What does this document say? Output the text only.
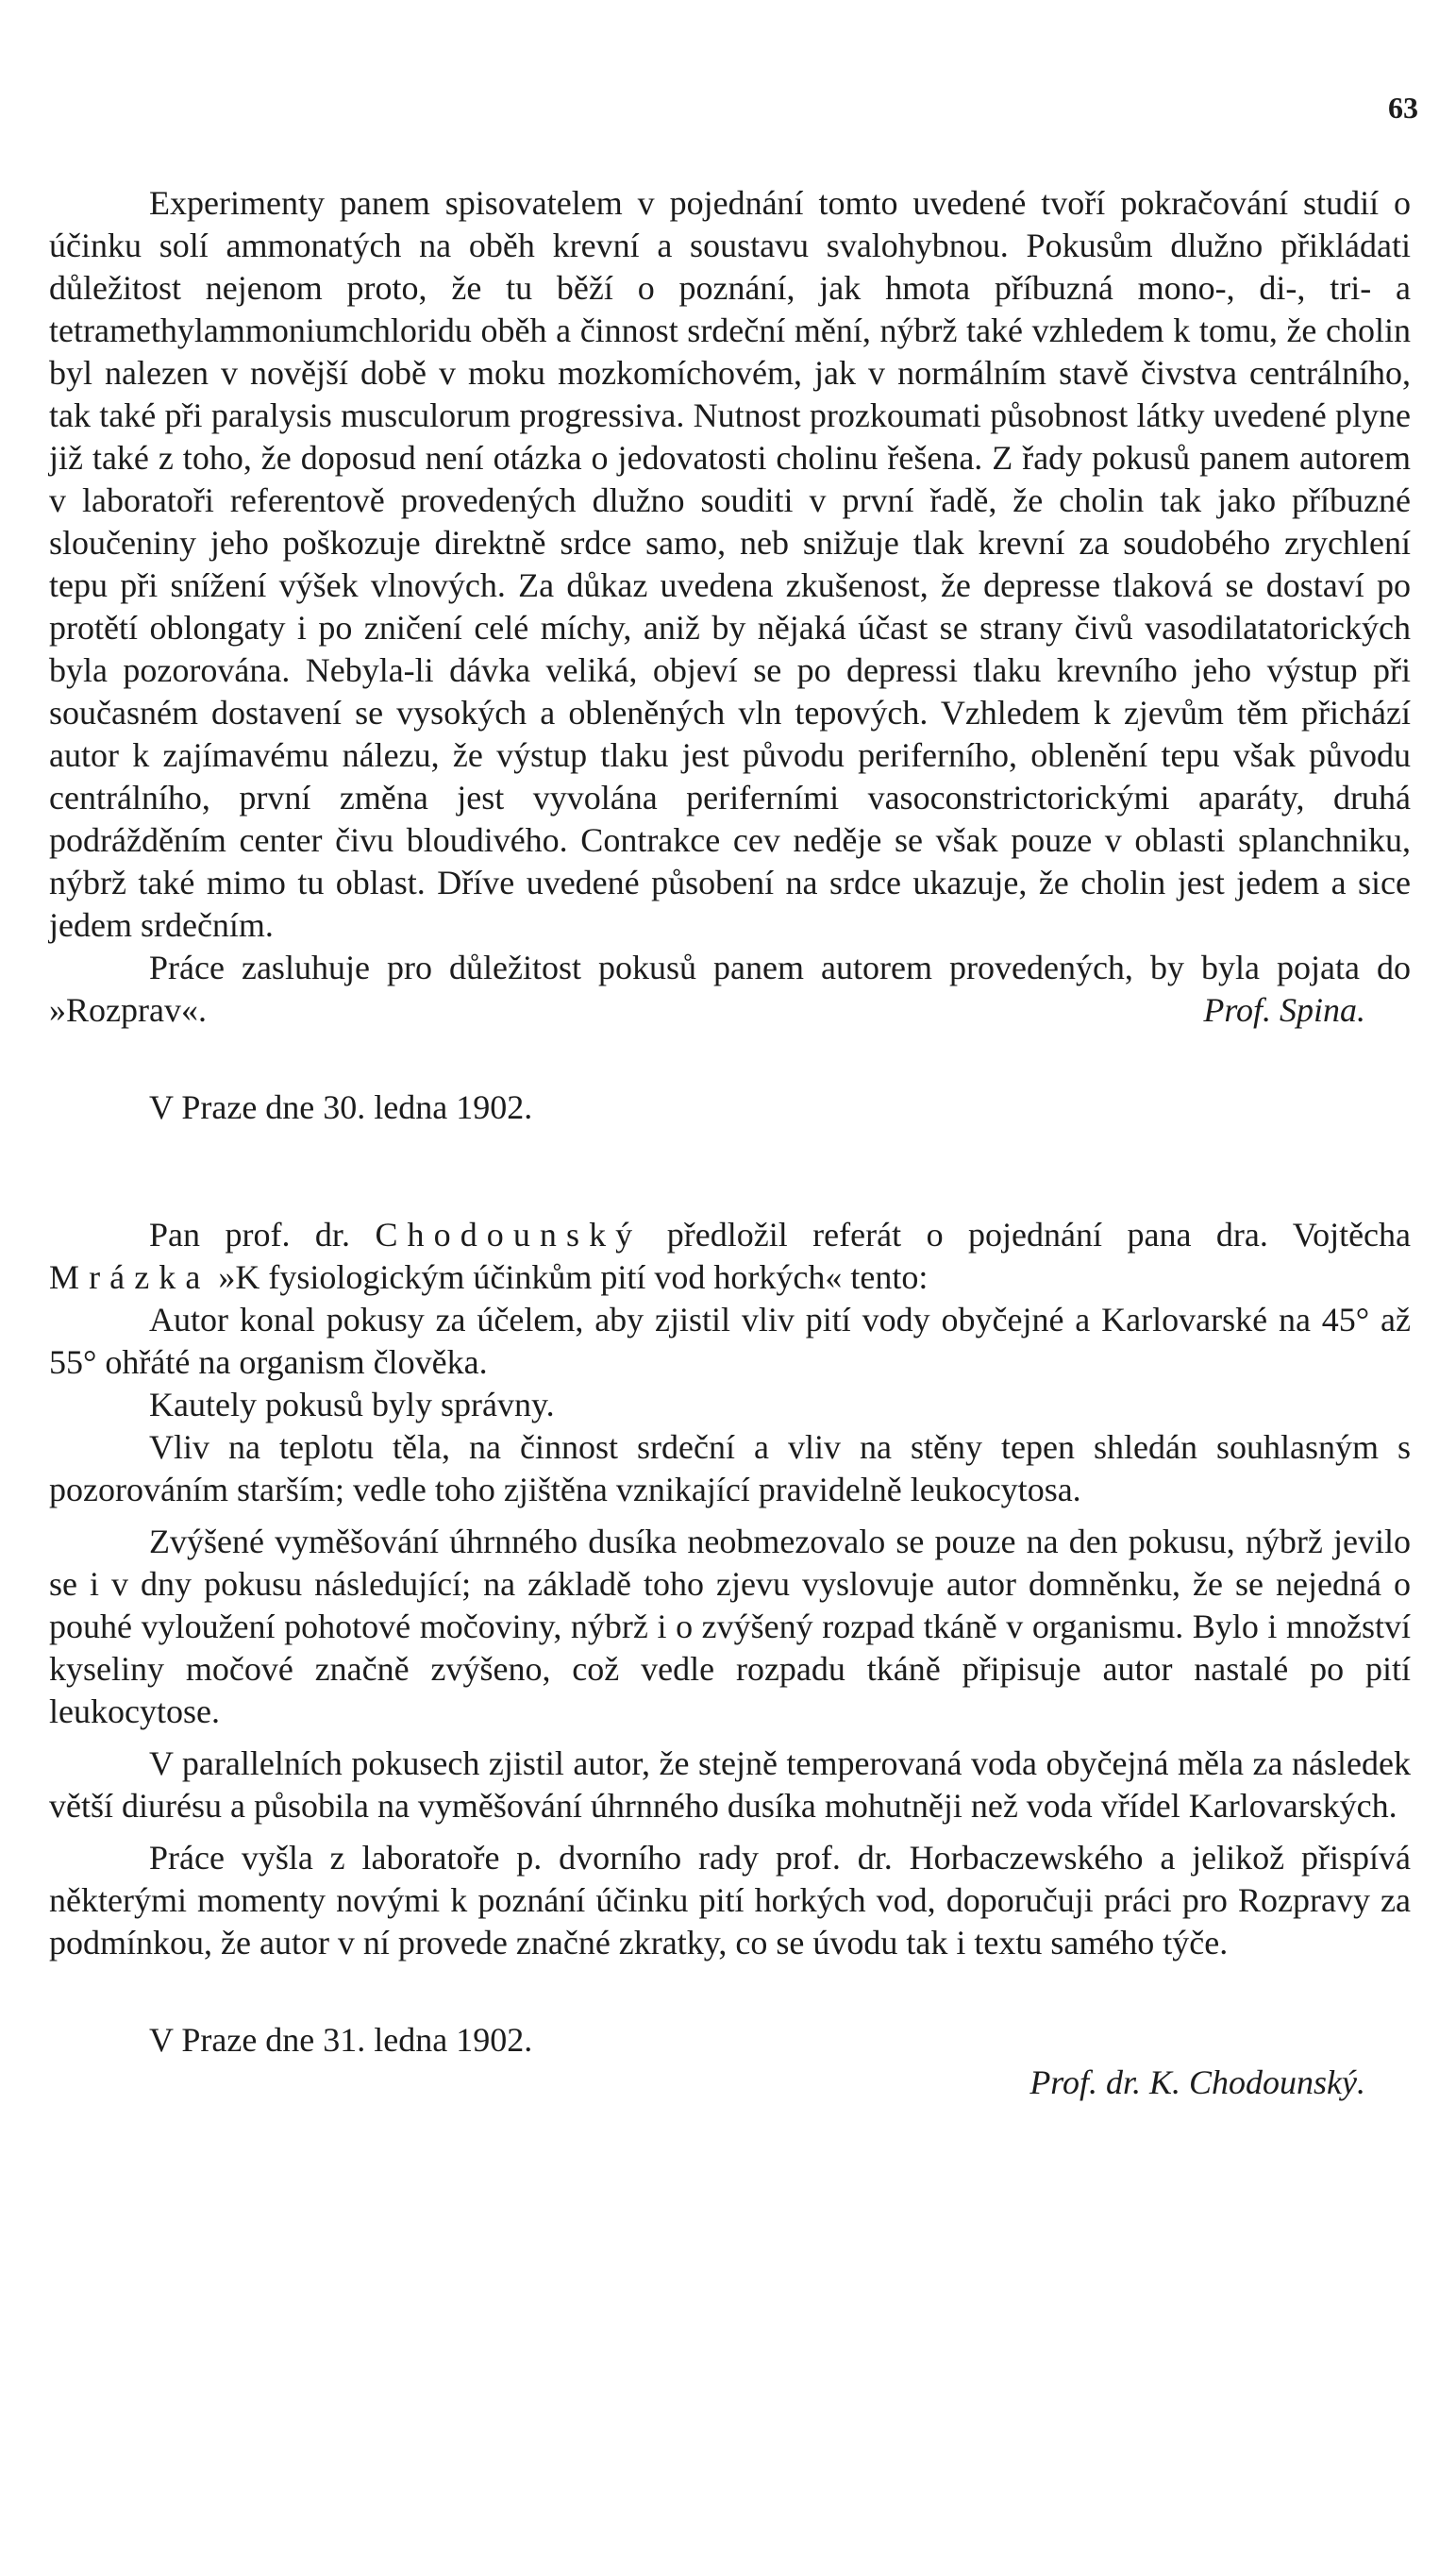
63

Experimenty panem spisovatelem v pojednání tomto uvedené tvoří pokračování studií o účinku solí ammonatých na oběh krevní a soustavu svalohybnou. Pokusům dlužno přikládati důležitost nejenom proto, že tu běží o poznání, jak hmota příbuzná mono-, di-, tri- a tetramethylammoniumchloridu oběh a činnost srdeční mění, nýbrž také vzhledem k tomu, že cholin byl nalezen v novější době v moku mozkomíchovém, jak v normálním stavě čivstva centrálního, tak také při paralysis musculorum progressiva. Nutnost prozkoumati působnost látky uvedené plyne již také z toho, že doposud není otázka o jedovatosti cholinu řešena. Z řady pokusů panem autorem v laboratoři referentově provedených dlužno souditi v první řadě, že cholin tak jako příbuzné sloučeniny jeho poškozuje direktně srdce samo, neb snižuje tlak krevní za soudobého zrychlení tepu při snížení výšek vlnových. Za důkaz uvedena zkušenost, že depresse tlaková se dostaví po protětí oblongaty i po zničení celé míchy, aniž by nějaká účast se strany čivů vasodilatatorických byla pozorována. Nebyla-li dávka veliká, objeví se po depressi tlaku krevního jeho výstup při současném dostavení se vysokých a obleněných vln tepových. Vzhledem k zjevům těm přichází autor k zajímavému nálezu, že výstup tlaku jest původu periferního, oblenění tepu však původu centrálního, první změna jest vyvolána periferními vasoconstrictorickými aparáty, druhá podrážděním center čivu bloudivého. Contrakce cev neděje se však pouze v oblasti splanchniku, nýbrž také mimo tu oblast. Dříve uvedené působení na srdce ukazuje, že cholin jest jedem a sice jedem srdečním.

Práce zasluhuje pro důležitost pokusů panem autorem provedených, by byla pojata do »Rozprav«.	Prof. Spina.

V Praze dne 30. ledna 1902.

Pan prof. dr. Chodounský předložil referát o pojednání pana dra. Vojtěcha Mrázka »K fysiologickým účinkům pití vod horkých« tento:

Autor konal pokusy za účelem, aby zjistil vliv pití vody obyčejné a Karlovarské na 45° až 55° ohřáté na organism člověka.

Kautely pokusů byly správny.

Vliv na teplotu těla, na činnost srdeční a vliv na stěny tepen shledán souhlasným s pozorováním starším; vedle toho zjištěna vznikající pravidelně leukocytosa.

Zvýšené vyměšování úhrnného dusíka neobmezovalo se pouze na den pokusu, nýbrž jevilo se i v dny pokusu následující; na základě toho zjevu vyslovuje autor domněnku, že se nejedná o pouhé vyloužení pohotové močoviny, nýbrž i o zvýšený rozpad tkáně v organismu. Bylo i množství kyseliny močové značně zvýšeno, což vedle rozpadu tkáně připisuje autor nastalé po pití leukocytose.

V parallelních pokusech zjistil autor, že stejně temperovaná voda obyčejná měla za následek větší diurésu a působila na vyměšování úhrnného dusíka mohutněji než voda vřídel Karlovarských.

Práce vyšla z laboratoře p. dvorního rady prof. dr. Horbaczewského a jelikož přispívá některými momenty novými k poznání účinku pití horkých vod, doporučuji práci pro Rozpravy za podmínkou, že autor v ní provede značné zkratky, co se úvodu tak i textu samého týče.

V Praze dne 31. ledna 1902.

Prof. dr. K. Chodounský.
